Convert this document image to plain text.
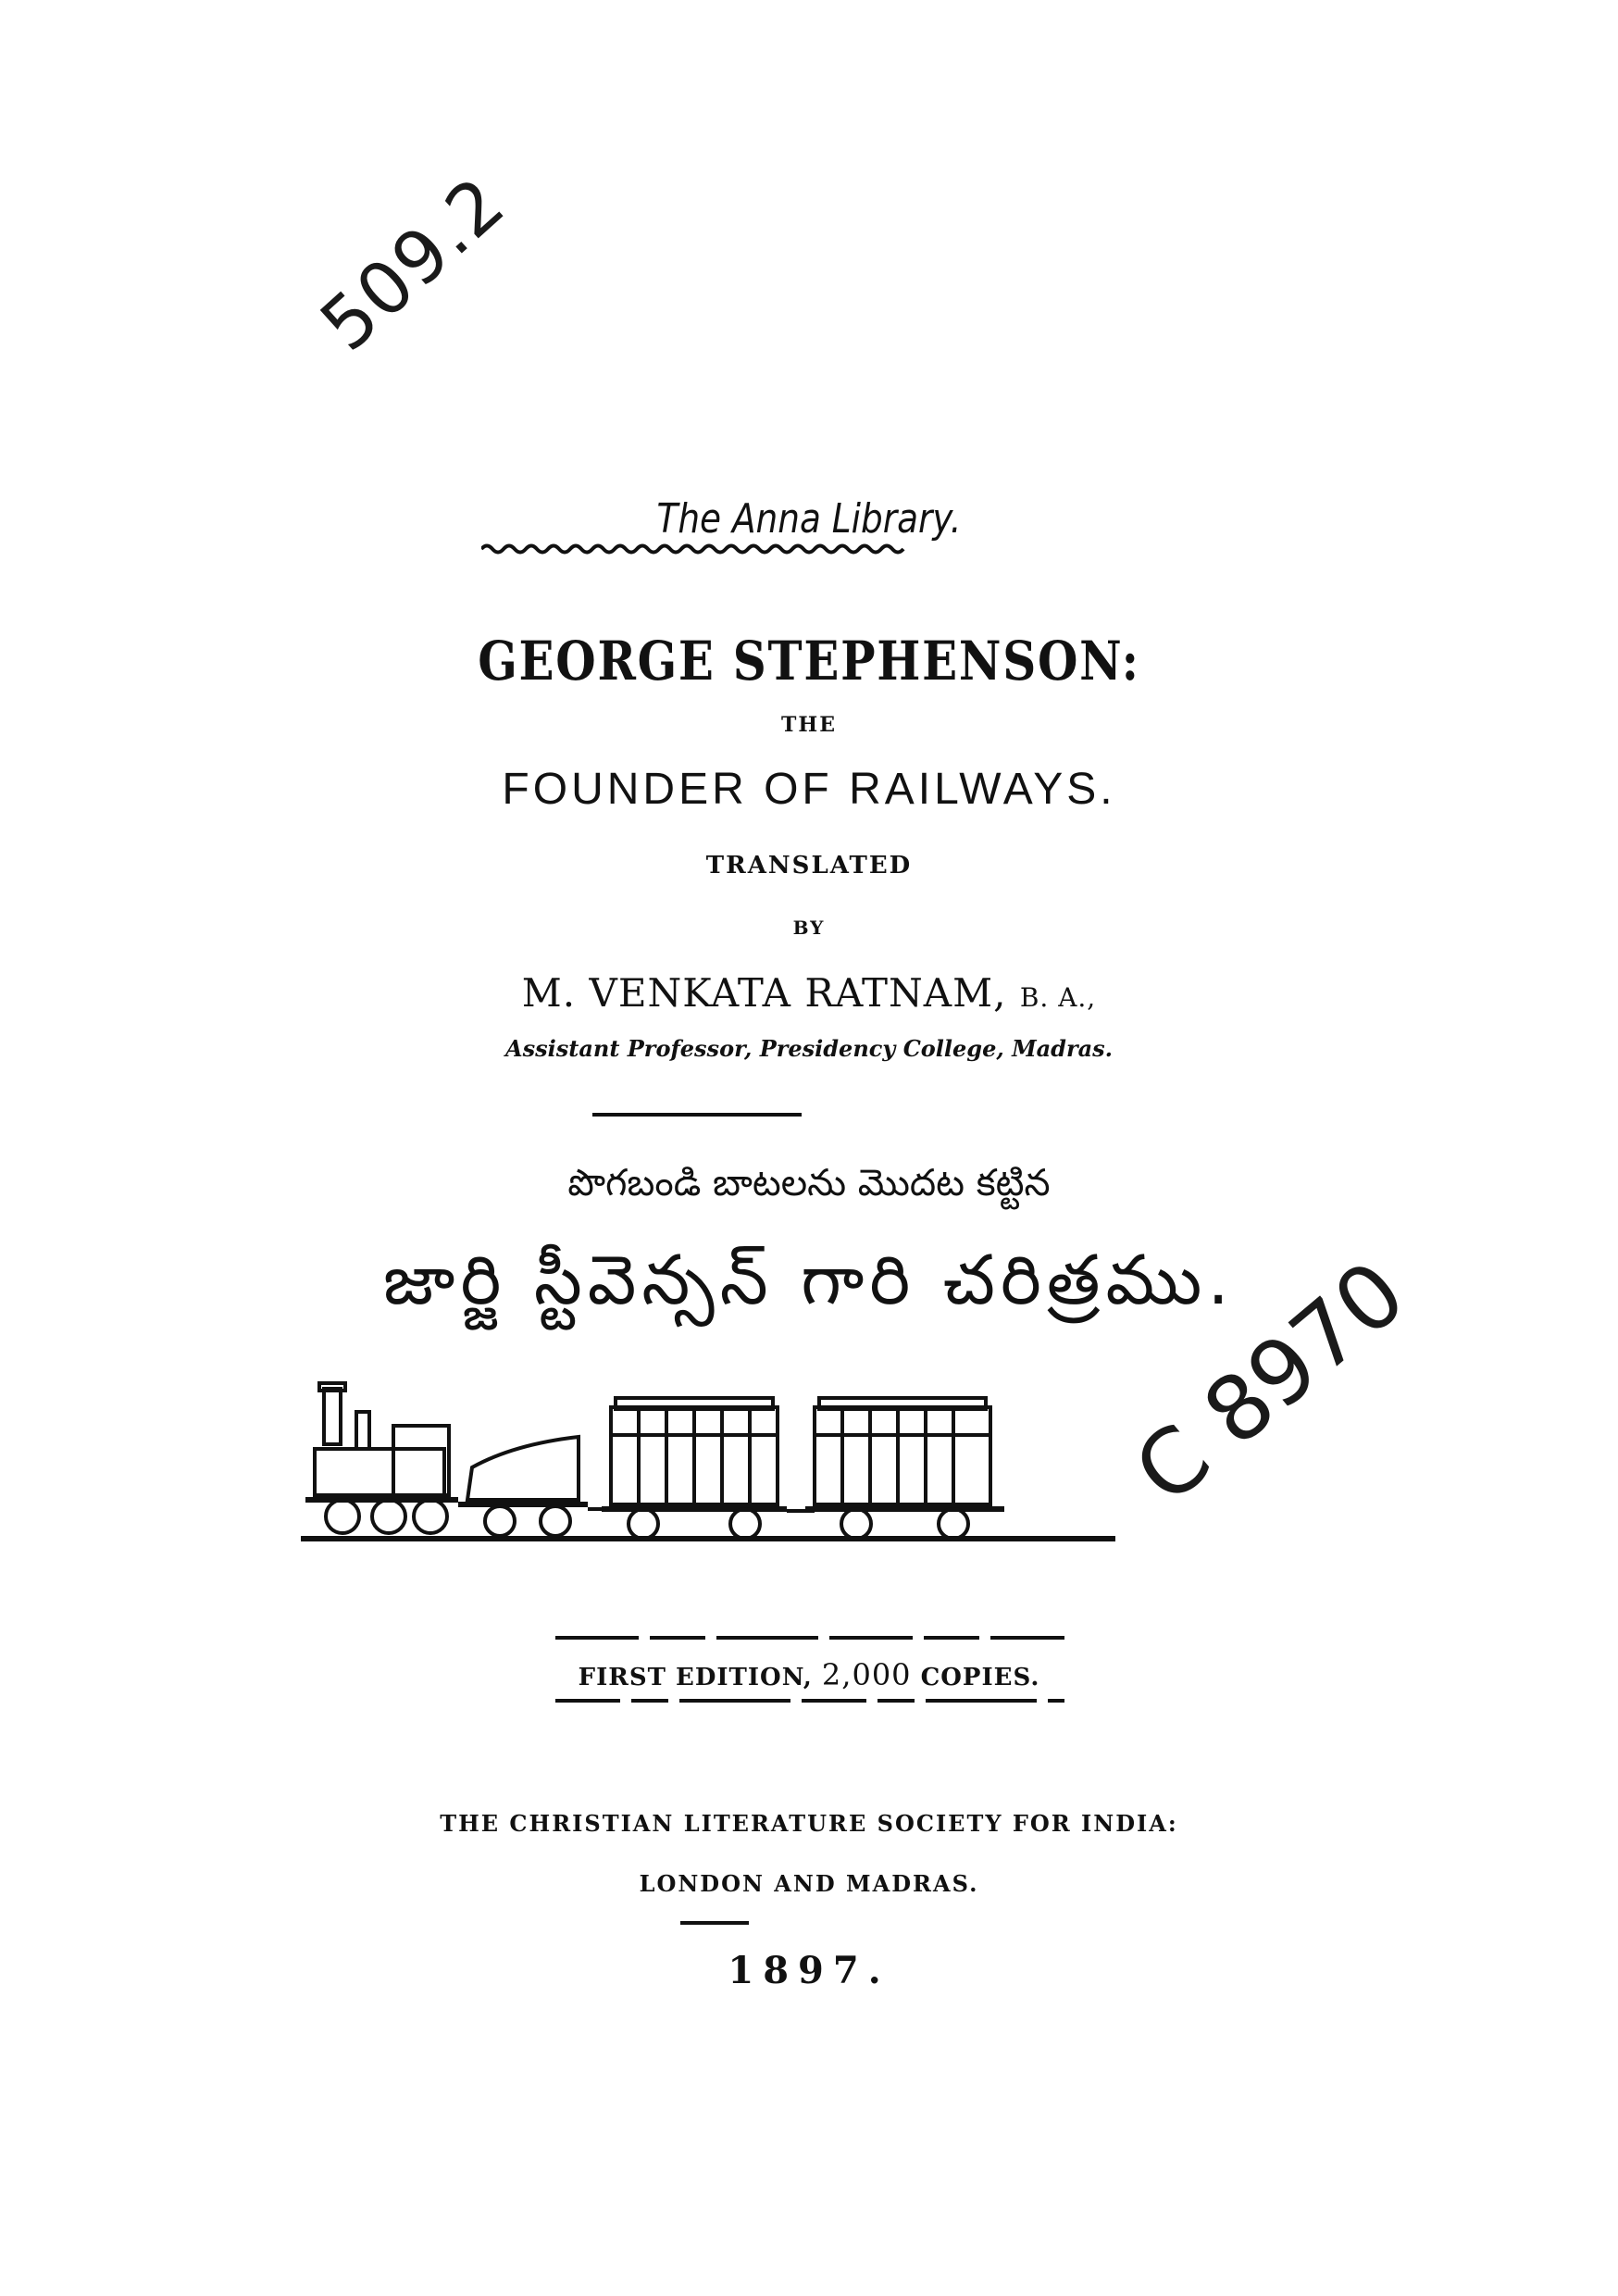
509.2
C 8970
The Anna Library.
GEORGE STEPHENSON:
THE
FOUNDER OF RAILWAYS.
TRANSLATED
BY
M. VENKATA RATNAM, B. A.,
Assistant Professor, Presidency College, Madras.
పొగబండి బాటలను మొదట కట్టిన
జార్జి స్టీవెన్సన్ గారి చరిత్రము.
FIRST EDITION, 2,000 COPIES.
THE CHRISTIAN LITERATURE SOCIETY FOR INDIA:
LONDON AND MADRAS.
1897.
